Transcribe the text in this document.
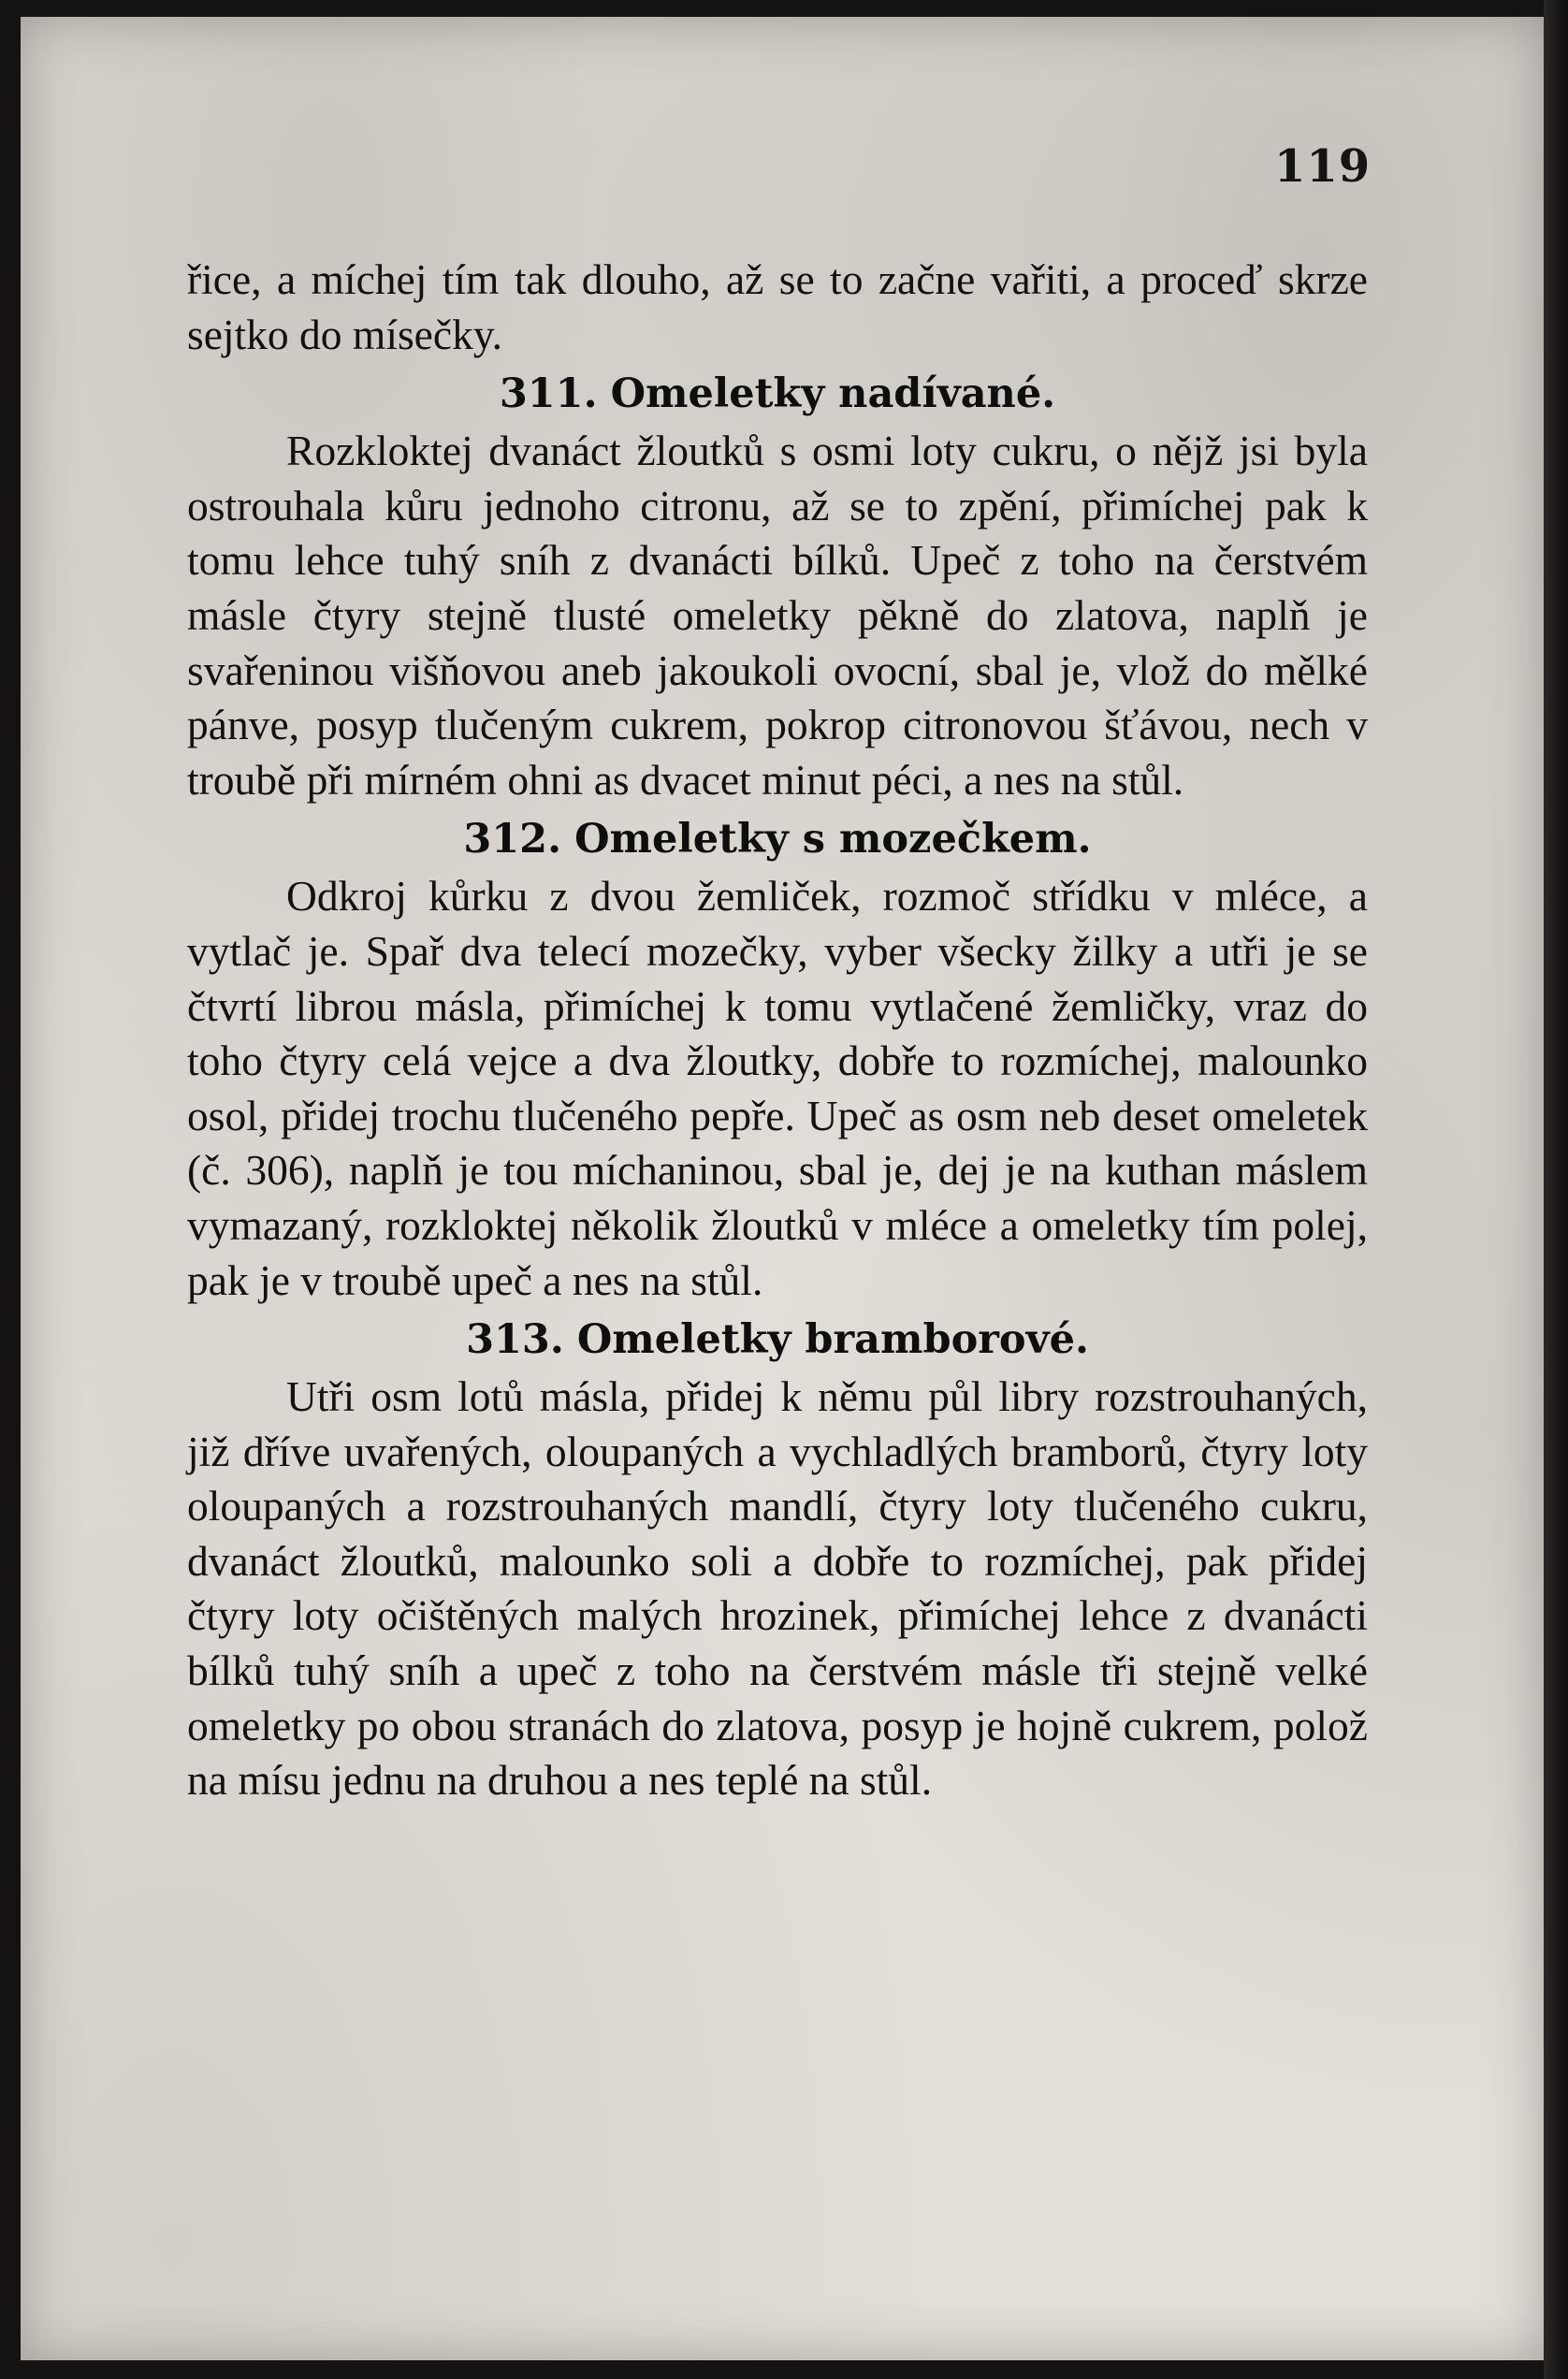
119

řice, a míchej tím tak dlouho, až se to začne vařiti, a proceď skrze sejtko do mísečky.

311. Omeletky nadívané.

Rozkloktej dvanáct žloutků s osmi loty cukru, o nějž jsi byla ostrouhala kůru jednoho citronu, až se to zpění, přimíchej pak k tomu lehce tuhý sníh z dvanácti bílků. Upeč z toho na čerstvém másle čtyry stejně tlusté omeletky pěkně do zlatova, naplň je svařeninou višňovou aneb jakoukoli ovocní, sbal je, vlož do mělké pánve, posyp tlučeným cukrem, pokrop citronovou šťávou, nech v troubě při mírném ohni as dvacet minut péci, a nes na stůl.

312. Omeletky s mozečkem.

Odkroj kůrku z dvou žemliček, rozmoč střídku v mléce, a vytlač je. Spař dva telecí mozečky, vyber všecky žilky a utři je se čtvrtí librou másla, přimíchej k tomu vytlačené žemličky, vraz do toho čtyry celá vejce a dva žloutky, dobře to rozmíchej, malounko osol, přidej trochu tlučeného pepře. Upeč as osm neb deset omeletek (č. 306), naplň je tou míchaninou, sbal je, dej je na kuthan máslem vymazaný, rozkloktej několik žloutků v mléce a omeletky tím polej, pak je v troubě upeč a nes na stůl.

313. Omeletky bramborové.

Utři osm lotů másla, přidej k němu půl libry rozstrouhaných, již dříve uvařených, oloupaných a vychladlých bramborů, čtyry loty oloupaných a rozstrouhaných mandlí, čtyry loty tlučeného cukru, dvanáct žloutků, malounko soli a dobře to rozmíchej, pak přidej čtyry loty očištěných malých hrozinek, přimíchej lehce z dvanácti bílků tuhý sníh a upeč z toho na čerstvém másle tři stejně velké omeletky po obou stranách do zlatova, posyp je hojně cukrem, polož na mísu jednu na druhou a nes teplé na stůl.
